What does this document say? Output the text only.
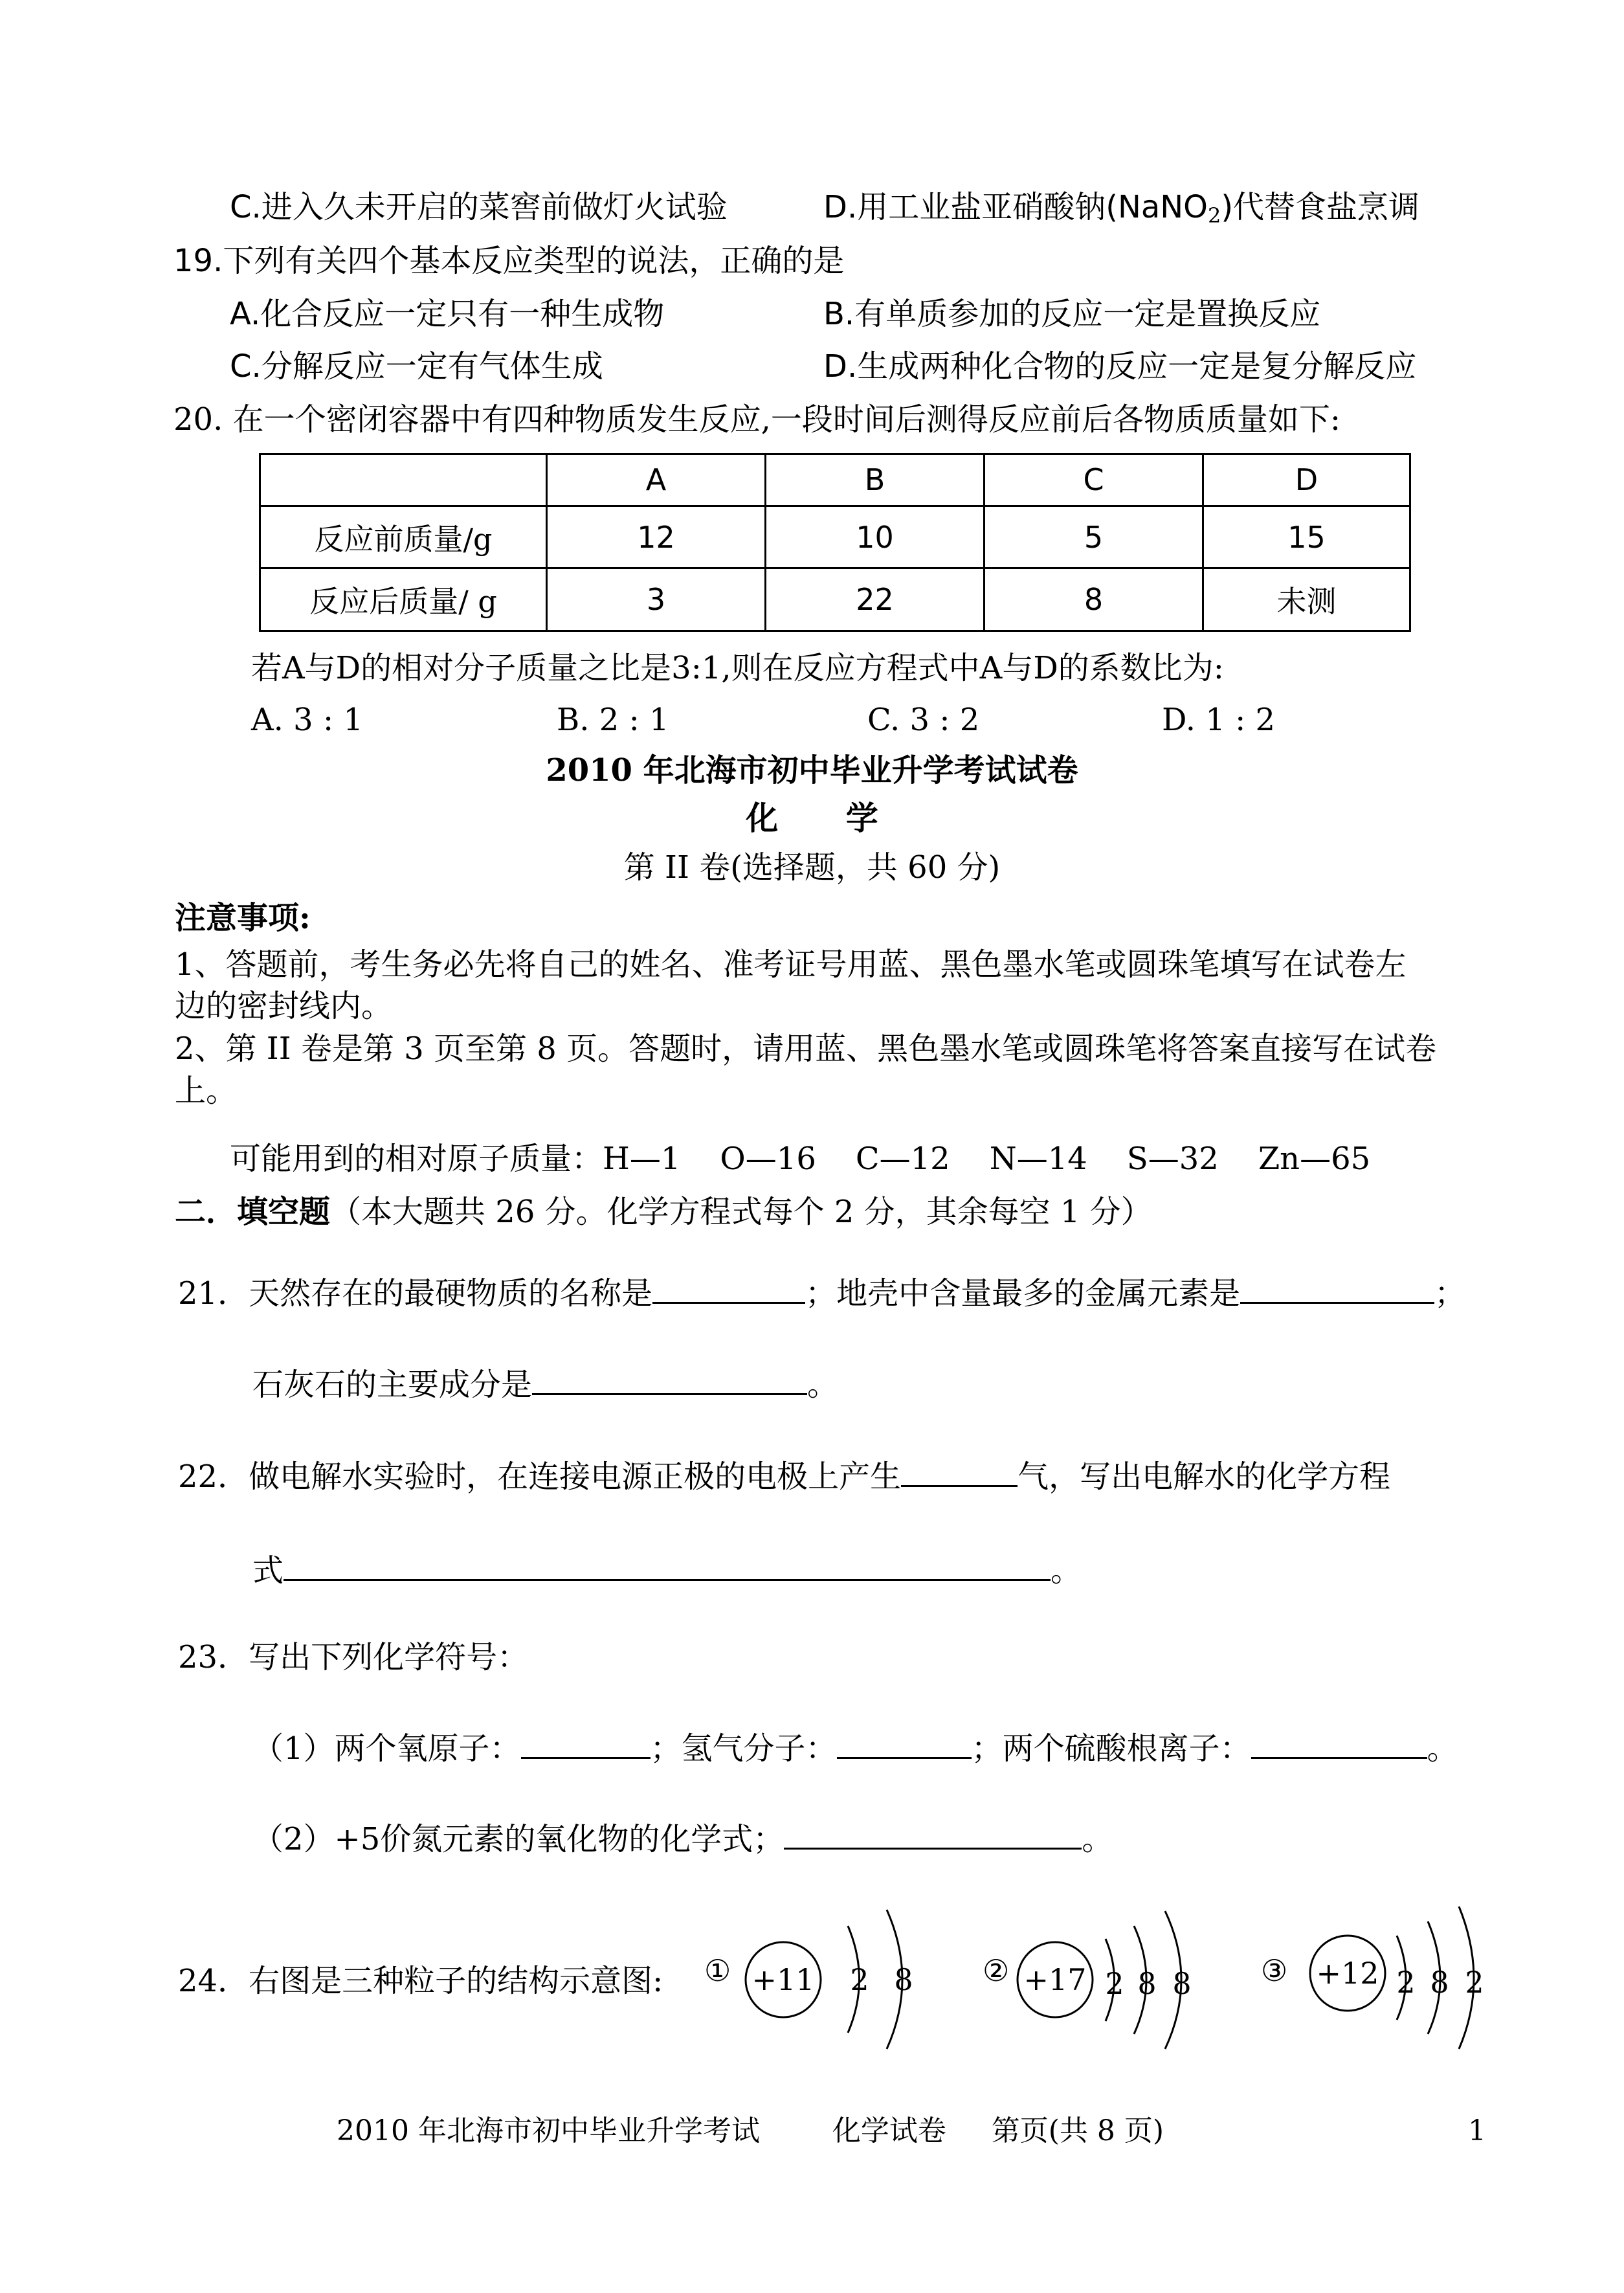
C.进入久未开启的菜窖前做灯火试验	D.用工业盐亚硝酸钠(NaNO$_2$)代替食盐烹调
19.下列有关四个基本反应类型的说法，正确的是
A.化合反应一定只有一种生成物	B.有单质参加的反应一定是置换反应
C.分解反应一定有气体生成	D.生成两种化合物的反应一定是复分解反应
20. 在一个密闭容器中有四种物质发生反应,一段时间后测得反应前后各物质质量如下:
	A	B	C	D
反应前质量/g	12	10	5	15
反应后质量/ g	3	22	8	未测
若A与D的相对分子质量之比是3:1,则在反应方程式中A与D的系数比为:
A. 3 : 1	B. 2 : 1	C. 3 : 2	D. 1 : 2
2010 年北海市初中毕业升学考试试卷
化      学
第 II 卷(选择题，共 60 分)
注意事项:
1、答题前，考生务必先将自己的姓名、准考证号用蓝、黑色墨水笔或圆珠笔填写在试卷左
边的密封线内。
2、第 II 卷是第 3 页至第 8 页。答题时，请用蓝、黑色墨水笔或圆珠笔将答案直接写在试卷
上。
可能用到的相对原子质量：H—1    O—16    C—12    N—14    S—32    Zn—65
二．填空题（本大题共 26 分。化学方程式每个 2 分，其余每空 1 分）
21．天然存在的最硬物质的名称是	；地壳中含量最多的金属元素是	；
石灰石的主要成分是	。
22．做电解水实验时，在连接电源正极的电极上产生	气，写出电解水的化学方程
式	。
23．写出下列化学符号：
（1）两个氧原子：	；氢气分子：	；两个硫酸根离子：	。
（2）+5价氮元素的氧化物的化学式；	。
24．右图是三种粒子的结构示意图: ① +11 2 8 ② +17 2 8 8 ③ +12 2 8 2
2010 年北海市初中毕业升学考试        化学试卷     第页(共 8 页)	1
